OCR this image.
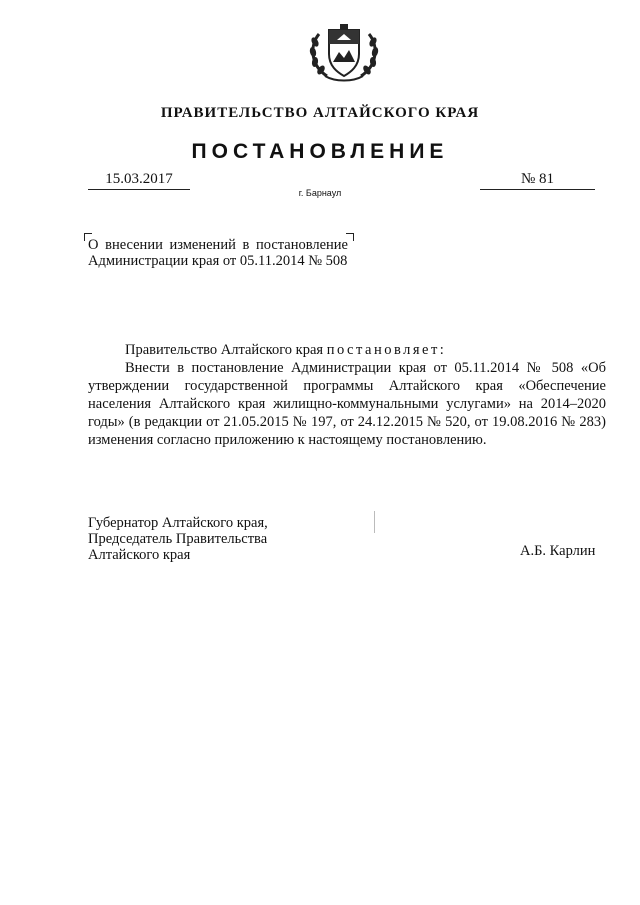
ПРАВИТЕЛЬСТВО АЛТАЙСКОГО КРАЯ
ПОСТАНОВЛЕНИЕ
15.03.2017	№ 81
г. Барнаул
О внесении изменений в постановление Администрации края от 05.11.2014 № 508
Правительство Алтайского края постановляет:
Внести в постановление Администрации края от 05.11.2014 № 508 «Об утверждении государственной программы Алтайского края «Обеспечение населения Алтайского края жилищно-коммунальными услугами» на 2014–2020 годы» (в редакции от 21.05.2015 № 197, от 24.12.2015 № 520, от 19.08.2016 № 283) изменения согласно приложению к настоящему постановлению.
Губернатор Алтайского края,
Председатель Правительства
Алтайского края	А.Б. Карлин
